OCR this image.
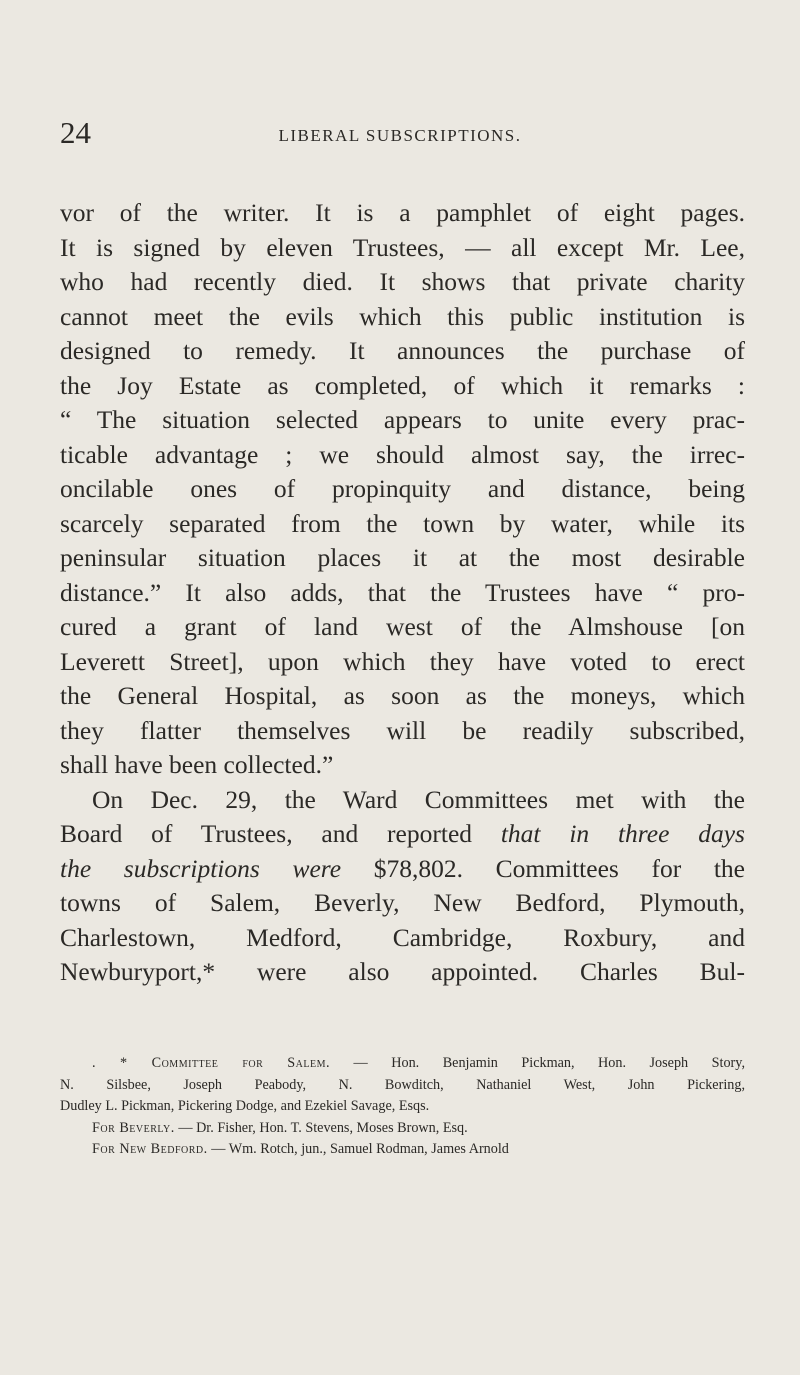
24	LIBERAL SUBSCRIPTIONS.
vor of the writer. It is a pamphlet of eight pages.
It is signed by eleven Trustees, — all except Mr. Lee,
who had recently died. It shows that private charity
cannot meet the evils which this public institution is
designed to remedy. It announces the purchase of
the Joy Estate as completed, of which it remarks :
“ The situation selected appears to unite every prac-
ticable advantage ; we should almost say, the irrec-
oncilable ones of propinquity and distance, being
scarcely separated from the town by water, while its
peninsular situation places it at the most desirable
distance.” It also adds, that the Trustees have “ pro-
cured a grant of land west of the Almshouse [on
Leverett Street], upon which they have voted to erect
the General Hospital, as soon as the moneys, which
they flatter themselves will be readily subscribed,
shall have been collected.”
On Dec. 29, the Ward Committees met with the
Board of Trustees, and reported that in three days
the subscriptions were $78,802. Committees for the
towns of Salem, Beverly, New Bedford, Plymouth,
Charlestown, Medford, Cambridge, Roxbury, and
Newburyport,* were also appointed. Charles Bul-
. * Committee for Salem. — Hon. Benjamin Pickman, Hon. Joseph Story,
N. Silsbee, Joseph Peabody, N. Bowditch, Nathaniel West, John Pickering,
Dudley L. Pickman, Pickering Dodge, and Ezekiel Savage, Esqs.
For Beverly. — Dr. Fisher, Hon. T. Stevens, Moses Brown, Esq.
For New Bedford. — Wm. Rotch, jun., Samuel Rodman, James Arnold
